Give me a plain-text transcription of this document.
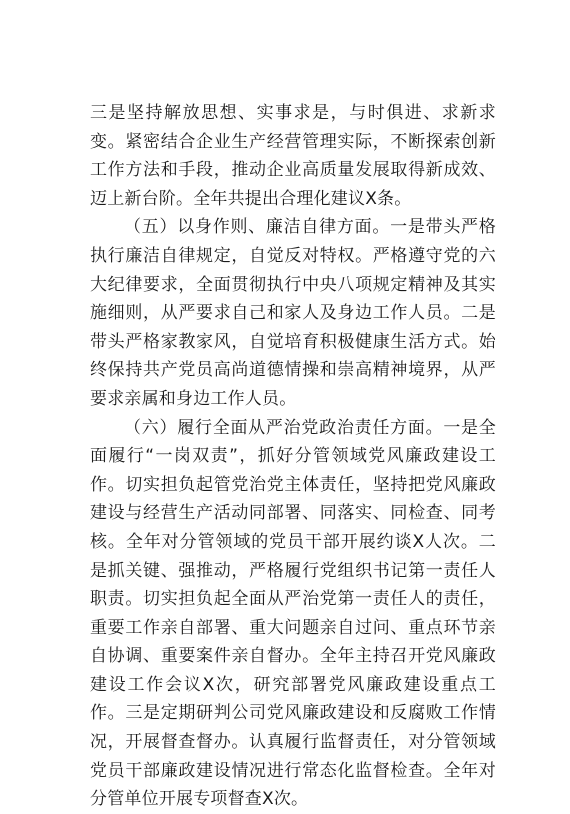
三是坚持解放思想、实事求是，与时俱进、求新求变。紧密结合企业生产经营管理实际，不断探索创新工作方法和手段，推动企业高质量发展取得新成效、迈上新台阶。全年共提出合理化建议X条。

（五）以身作则、廉洁自律方面。一是带头严格执行廉洁自律规定，自觉反对特权。严格遵守党的六大纪律要求，全面贯彻执行中央八项规定精神及其实施细则，从严要求自己和家人及身边工作人员。二是带头严格家教家风，自觉培育积极健康生活方式。始终保持共产党员高尚道德情操和崇高精神境界，从严要求亲属和身边工作人员。

（六）履行全面从严治党政治责任方面。一是全面履行“一岗双责”，抓好分管领域党风廉政建设工作。切实担负起管党治党主体责任，坚持把党风廉政建设与经营生产活动同部署、同落实、同检查、同考核。全年对分管领域的党员干部开展约谈X人次。二是抓关键、强推动，严格履行党组织书记第一责任人职责。切实担负起全面从严治党第一责任人的责任，重要工作亲自部署、重大问题亲自过问、重点环节亲自协调、重要案件亲自督办。全年主持召开党风廉政建设工作会议X次，研究部署党风廉政建设重点工作。三是定期研判公司党风廉政建设和反腐败工作情况，开展督查督办。认真履行监督责任，对分管领域党员干部廉政建设情况进行常态化监督检查。全年对分管单位开展专项督查X次。
